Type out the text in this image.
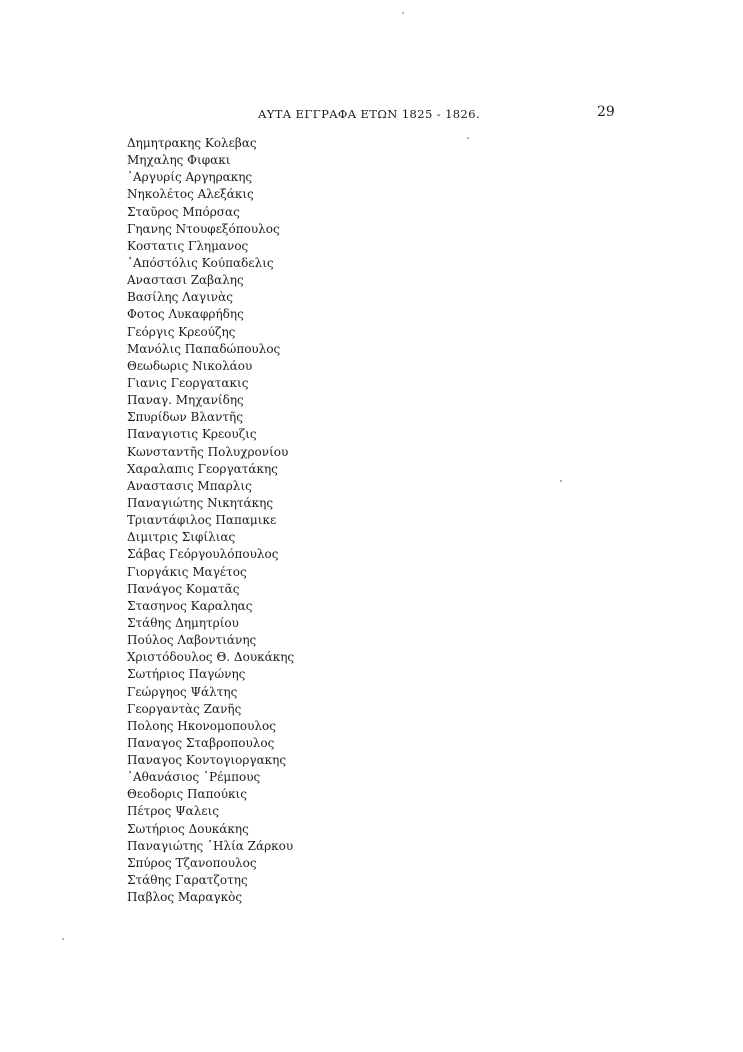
ΑΥΤΑ ΕΓΓΡΑΦΑ ΕΤΩΝ 1825 - 1826.	29
Δημητρακης Κολεβας
Μηχαλης Φιφακι
᾿Αργυρίς Αργηρακης
Νηκολέτος Αλεξάκις
Σταῦρος Μπόρσας
Γηανης Ντουφεξόπουλος
Κοστατις Γλημανος
᾿Απόστόλις Κούπαδελις
Αναστασι Ζαβαλης
Βασίλης Λαγινὰς
Φοτος Λυκαφρήδης
Γεόργις Κρεούζης
Μανόλις Παπαδώπουλος
Θεωδωρις Νικολάου
Γιανις Γεοργατακις
Παναγ. Μηχανίδης
Σπυρίδων Βλαντῆς
Παναγιοτις Κρεουζις
Κωνσταντῆς Πολυχρονίου
Χαραλαπις Γεοργατάκης
Αναστασις Μπαρλις
Παναγιώτης Νικητάκης
Τριαντάφιλος Παπαμικε
Διμιτρις Σιφίλιας
Σάβας Γεόργουλόπουλος
Γιοργάκις Μαγέτος
Πανάγος Κοματᾶς
Στασηνος Καραληας
Στάθης Δημητρίου
Πούλος Λαβοντιάνης
Χριστόδουλος Θ. Δουκάκης
Σωτήριος Παγώνης
Γεώργηος Ψάλτης
Γεοργαντὰς Ζανῆς
Πολοης Ηκονομοπουλος
Παναγος Σταβροπουλος
Παναγος Κοντογιοργακης
᾿Αθανάσιος ῾Ρέμπους
Θεοδορις Παπούκις
Πέτρος Ψαλεις
Σωτήριος Δουκάκης
Παναγιώτης ῾Ηλία Ζάρκου
Σπύρος Τζανοπουλος
Στάθης Γαρατζοτης
Παβλος Μαραγκὸς
